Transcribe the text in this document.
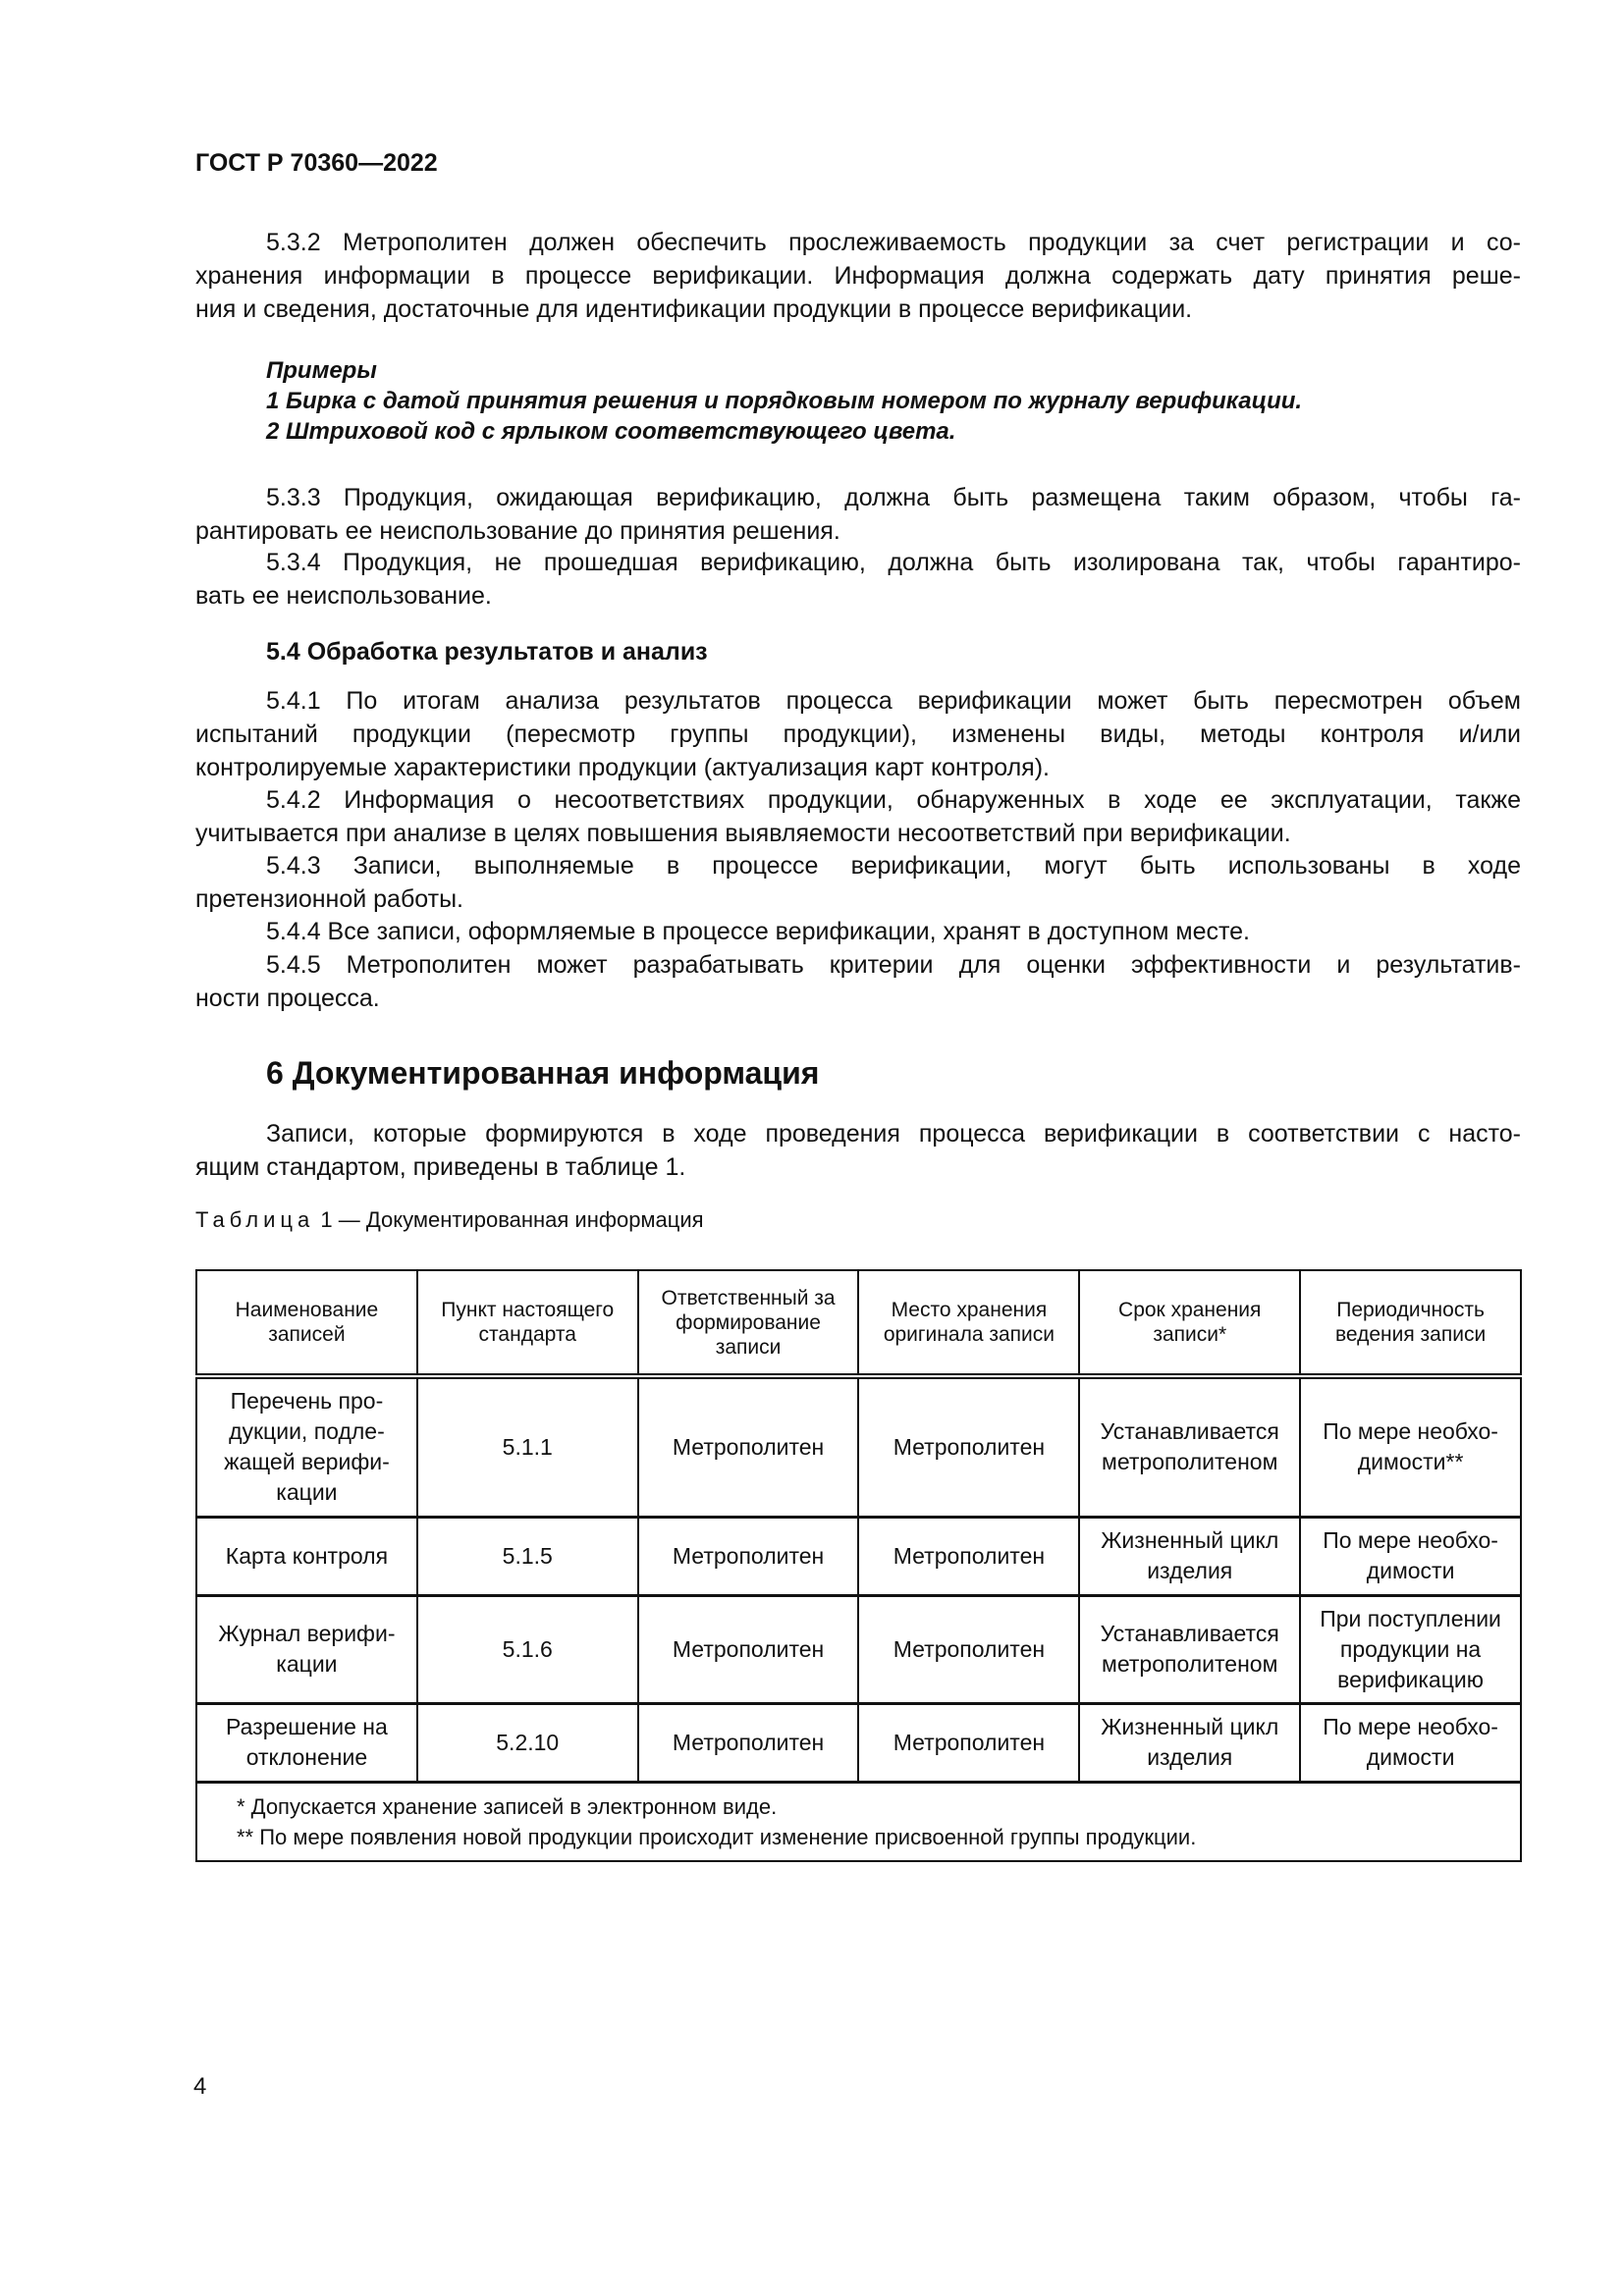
ГОСТ Р 70360—2022
5.3.2 Метрополитен должен обеспечить прослеживаемость продукции за счет регистрации и со-
хранения информации в процессе верификации. Информация должна содержать дату принятия реше-
ния и сведения, достаточные для идентификации продукции в процессе верификации.
Примеры
1 Бирка с датой принятия решения и порядковым номером по журналу верификации.
2 Штриховой код с ярлыком соответствующего цвета.
5.3.3 Продукция, ожидающая верификацию, должна быть размещена таким образом, чтобы га-
рантировать ее неиспользование до принятия решения.
5.3.4 Продукция, не прошедшая верификацию, должна быть изолирована так, чтобы гарантиро-
вать ее неиспользование.
5.4 Обработка результатов и анализ
5.4.1 По итогам анализа результатов процесса верификации может быть пересмотрен объем
испытаний продукции (пересмотр группы продукции), изменены виды, методы контроля и/или
контролируемые характеристики продукции (актуализация карт контроля).
5.4.2 Информация о несоответствиях продукции, обнаруженных в ходе ее эксплуатации, также
учитывается при анализе в целях повышения выявляемости несоответствий при верификации.
5.4.3 Записи, выполняемые в процессе верификации, могут быть использованы в ходе
претензионной работы.
5.4.4 Все записи, оформляемые в процессе верификации, хранят в доступном месте.
5.4.5 Метрополитен может разрабатывать критерии для оценки эффективности и результатив-
ности процесса.
6 Документированная информация
Записи, которые формируются в ходе проведения процесса верификации в соответствии с насто-
ящим стандартом, приведены в таблице 1.
Таблица 1 — Документированная информация
Наименование записей	Пункт настоящего стандарта	Ответственный за формирование записи	Место хранения оригинала записи	Срок хранения записи*	Периодичность ведения записи
Перечень про-дукции, подле-жащей верифи-кации	5.1.1	Метрополитен	Метрополитен	Устанавливается метрополитеном	По мере необхо-димости**
Карта контроля	5.1.5	Метрополитен	Метрополитен	Жизненный цикл изделия	По мере необхо-димости
Журнал верифи-кации	5.1.6	Метрополитен	Метрополитен	Устанавливается метрополитеном	При поступлении продукции на верификацию
Разрешение на отклонение	5.2.10	Метрополитен	Метрополитен	Жизненный цикл изделия	По мере необхо-димости

* Допускается хранение записей в электронном виде.
** По мере появления новой продукции происходит изменение присвоенной группы продукции.					
4
